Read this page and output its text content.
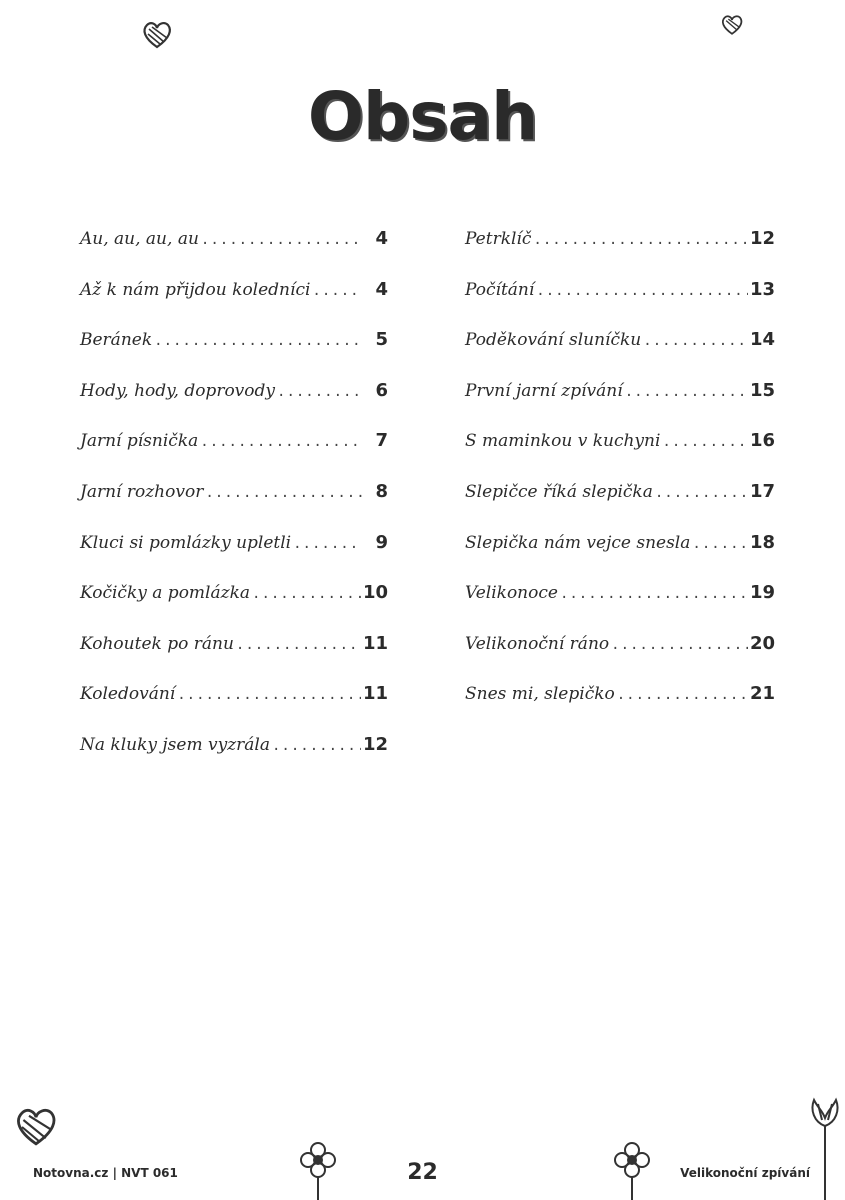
Obsah
Au, au, au, au .....	4
Až k nám přijdou koledníci .....	4
Beránek .....	5
Hody, hody, doprovody .....	6
Jarní písnička .....	7
Jarní rozhovor .....	8
Kluci si pomlázky upletli .....	9
Kočičky a pomlázka .....	10
Kohoutek po ránu .....	11
Koledování .....	11
Na kluky jsem vyzrála .....	12
Petrklíč .....	12
Počítání .....	13
Poděkování sluníčku .....	14
První jarní zpívání .....	15
S maminkou v kuchyni .....	16
Slepičce říká slepička .....	17
Slepička nám vejce snesla .....	18
Velikonoce .....	19
Velikonoční ráno .....	20
Snes mi, slepičko .....	21
Notovna.cz | NVT 061	22	Velikonoční zpívání
